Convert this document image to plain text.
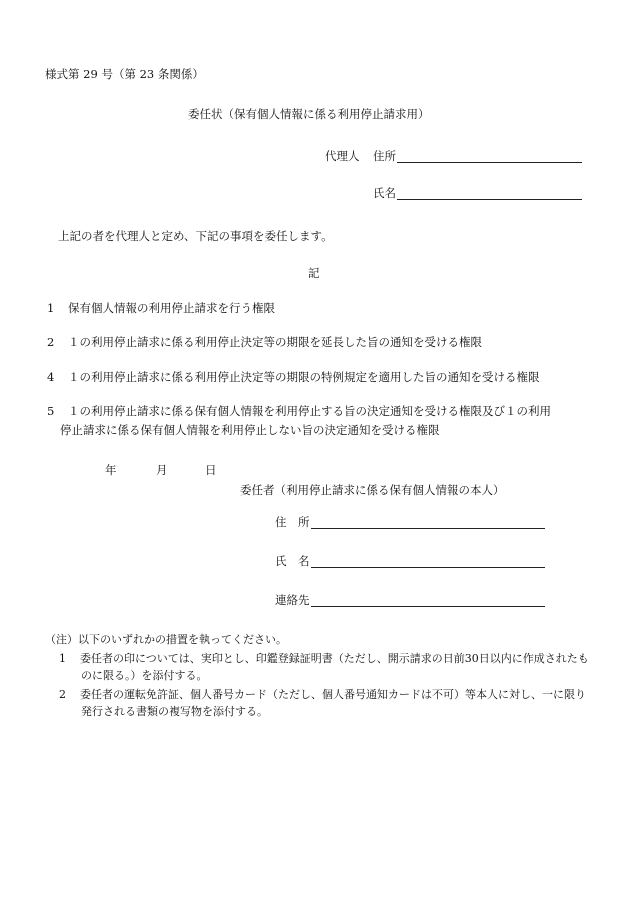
様式第 29 号（第 23 条関係）
委任状（保有個人情報に係る利用停止請求用）
代理人 住所
氏名
上記の者を代理人と定め、下記の事項を委任します。
記
1 保有個人情報の利用停止請求を行う権限
2 １の利用停止請求に係る利用停止決定等の期限を延長した旨の通知を受ける権限
4 １の利用停止請求に係る利用停止決定等の期限の特例規定を適用した旨の通知を受ける権限
5 １の利用停止請求に係る保有個人情報を利用停止する旨の決定通知を受ける権限及び１の利用
停止請求に係る保有個人情報を利用停止しない旨の決定通知を受ける権限
年	月	日
委任者（利用停止請求に係る保有個人情報の本人）
住　所
氏　名
連絡先
（注）以下のいずれかの措置を執ってください。
1 委任者の印については、実印とし、印鑑登録証明書（ただし、開示請求の日前30日以内に作成されたものに限る。）を添付する。
2 委任者の運転免許証、個人番号カード（ただし、個人番号通知カードは不可）等本人に対し、一に限り発行される書類の複写物を添付する。
